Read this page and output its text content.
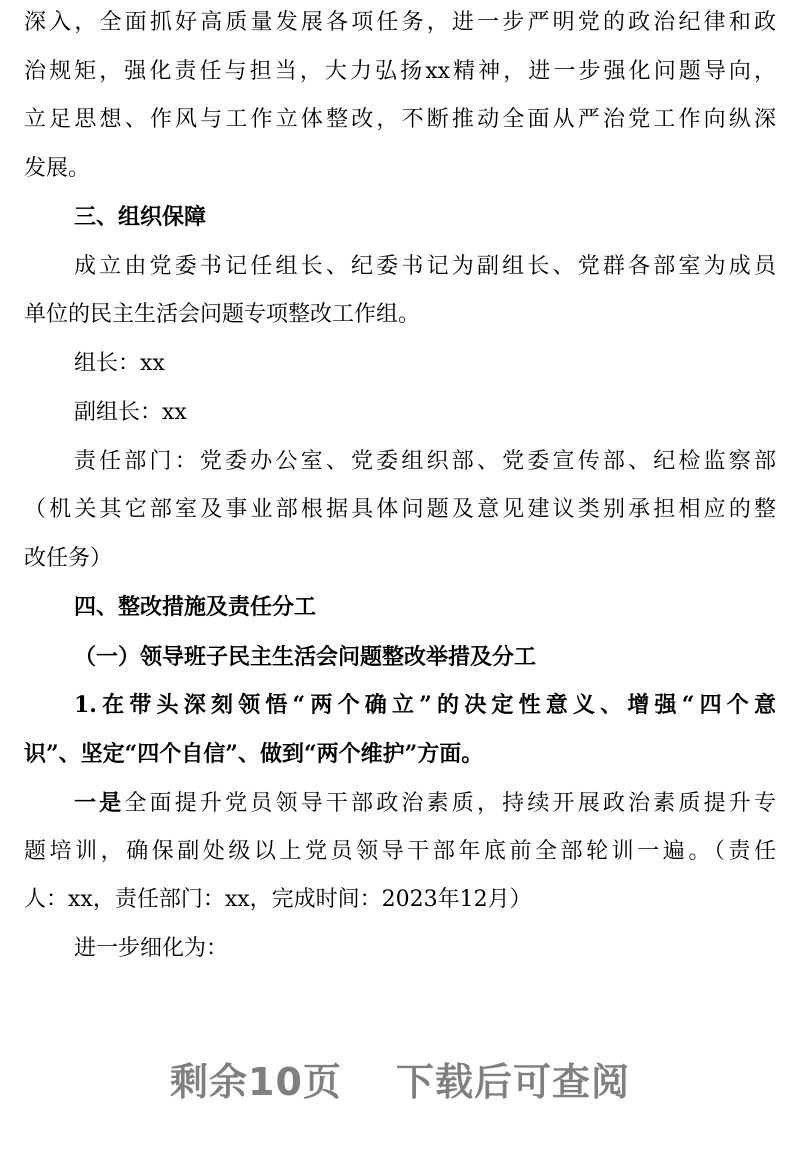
深入，全面抓好高质量发展各项任务，进一步严明党的政治纪律和政
治规矩，强化责任与担当，大力弘扬xx精神，进一步强化问题导向，
立足思想、作风与工作立体整改，不断推动全面从严治党工作向纵深
发展。
三、组织保障
成立由党委书记任组长、纪委书记为副组长、党群各部室为成员
单位的民主生活会问题专项整改工作组。
组长：xx
副组长：xx
责任部门：党委办公室、党委组织部、党委宣传部、纪检监察部
（机关其它部室及事业部根据具体问题及意见建议类别承担相应的整
改任务）
四、整改措施及责任分工
（一）领导班子民主生活会问题整改举措及分工
1.在带头深刻领悟“两个确立”的决定性意义、增强“四个意
识”、坚定“四个自信”、做到“两个维护”方面。
一是全面提升党员领导干部政治素质，持续开展政治素质提升专
题培训，确保副处级以上党员领导干部年底前全部轮训一遍。（责任
人：xx，责任部门：xx，完成时间：2023年12月）
进一步细化为：
剩余10页 下载后可查阅
